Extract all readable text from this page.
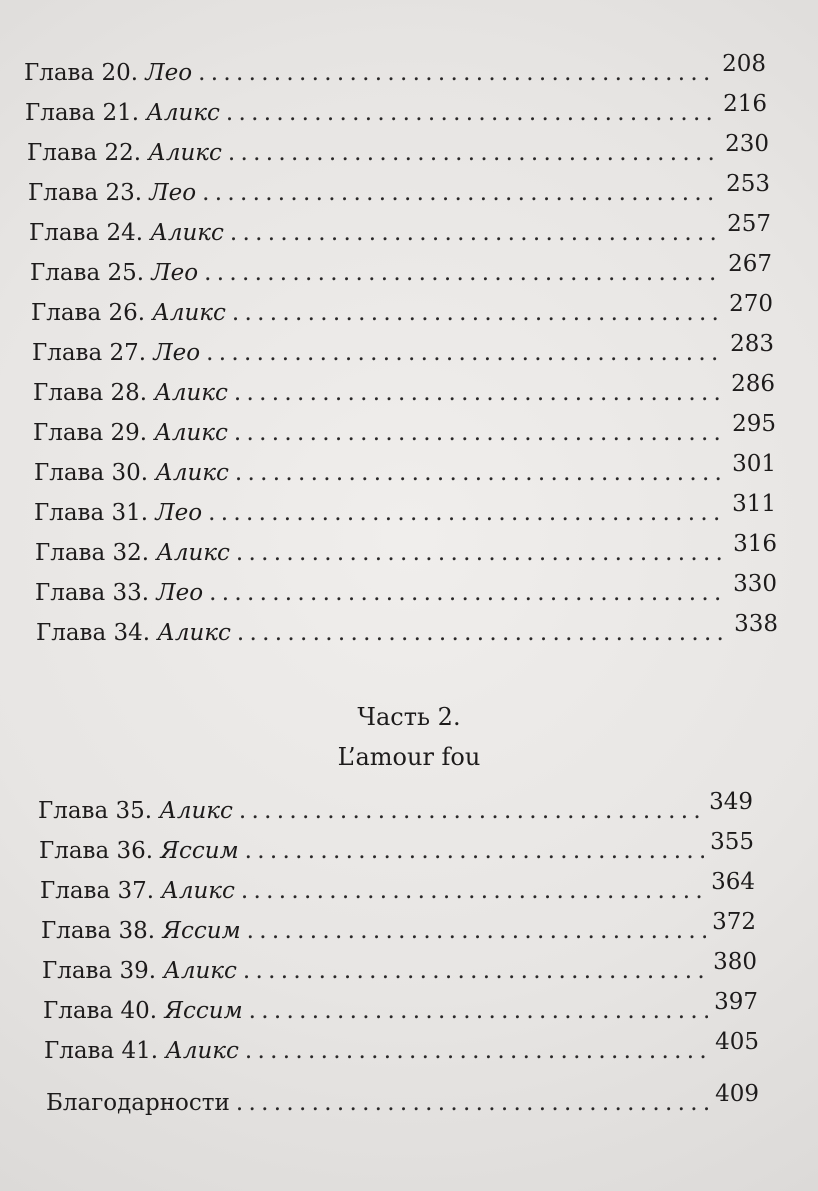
Глава 20. Лео . . .	208
Глава 21. Аликс . . .	216
Глава 22. Аликс . . .	230
Глава 23. Лео . . .	253
Глава 24. Аликс . . .	257
Глава 25. Лео . . .	267
Глава 26. Аликс . . .	270
Глава 27. Лео . . .	283
Глава 28. Аликс . . .	286
Глава 29. Аликс . . .	295
Глава 30. Аликс . . .	301
Глава 31. Лео . . .	311
Глава 32. Аликс . . .	316
Глава 33. Лео . . .	330
Глава 34. Аликс . . .	338
Часть 2.
L’amour fou
Глава 35. Аликс . . .	349
Глава 36. Яссим . . .	355
Глава 37. Аликс . . .	364
Глава 38. Яссим . . .	372
Глава 39. Аликс . . .	380
Глава 40. Яссим . . .	397
Глава 41. Аликс . . .	405
Благодарности . . .	409
